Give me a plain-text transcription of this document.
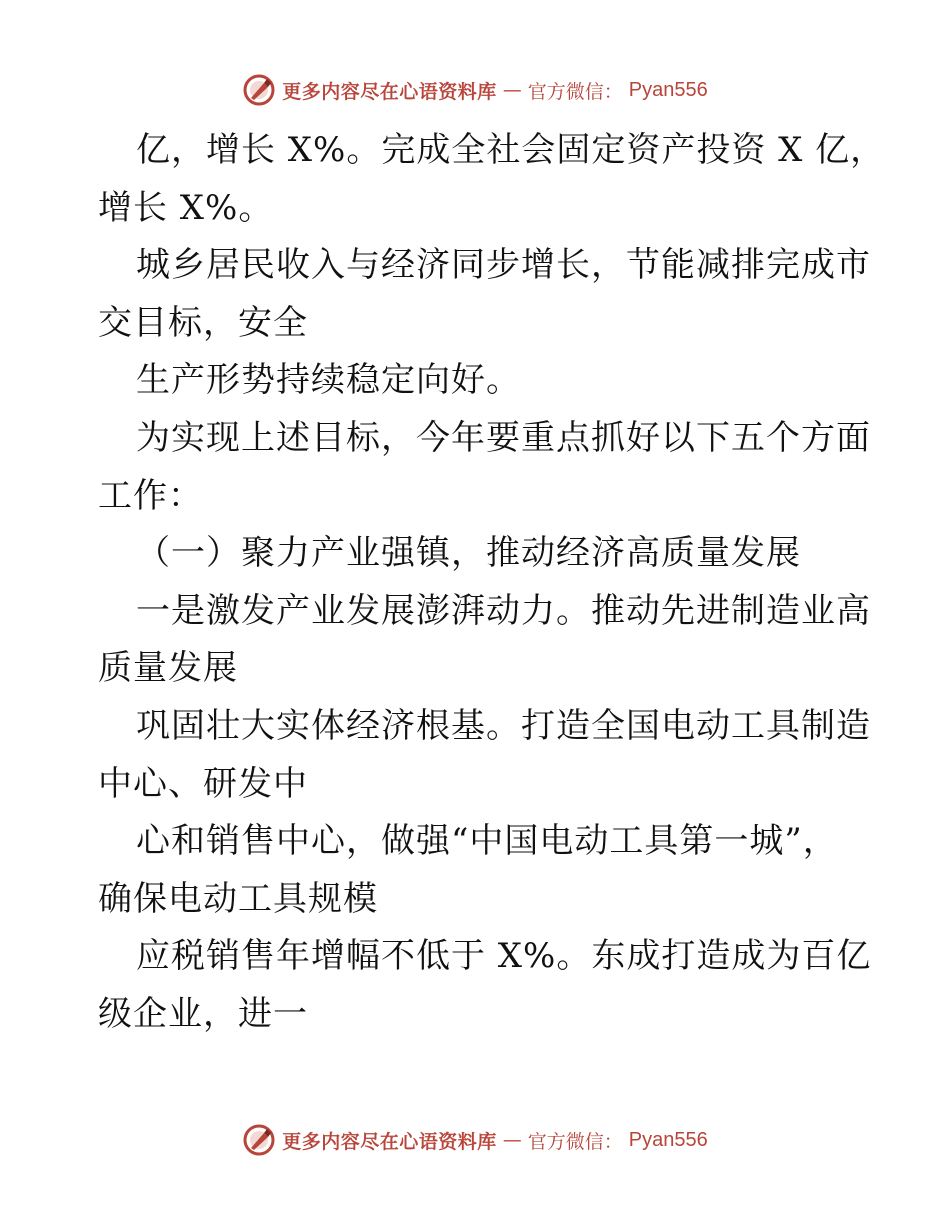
更多内容尽在心语资料库 — 官方微信： Pyan556
亿，增长 X%。完成全社会固定资产投资 X 亿，
增长 X%。
城乡居民收入与经济同步增长，节能减排完成市
交目标，安全
生产形势持续稳定向好。
为实现上述目标，今年要重点抓好以下五个方面
工作：
（一）聚力产业强镇，推动经济高质量发展
一是激发产业发展澎湃动力。推动先进制造业高
质量发展
巩固壮大实体经济根基。打造全国电动工具制造
中心、研发中
心和销售中心，做强“中国电动工具第一城”，
确保电动工具规模
应税销售年增幅不低于 X%。东成打造成为百亿
级企业，进一
更多内容尽在心语资料库 — 官方微信： Pyan556
